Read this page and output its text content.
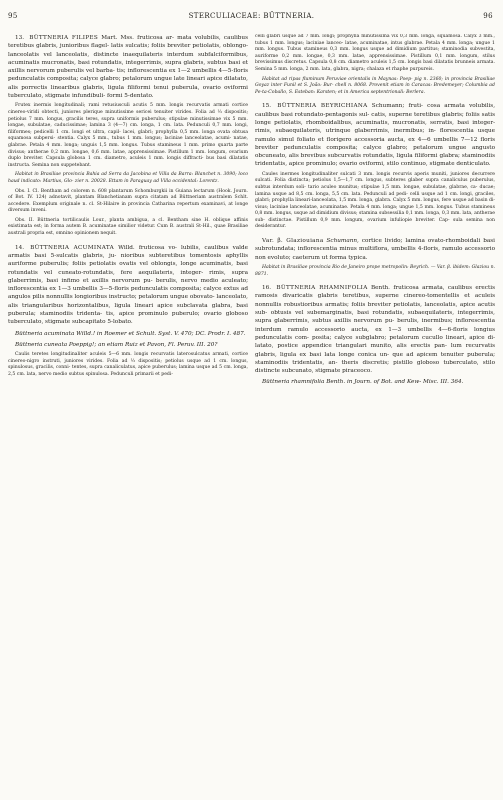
95	STERCULIACEAE: BÜTTNERIA.	96

13. BÜTTNERIA FILIPES Mart. Mss. fruticosa ar- mata volubilis, caulibus teretibus glabris, junioribus flagel- latis sulcatis; foliis breviter petiolatis, oblongo-lanceolatis vel lanceolatis, distincte inaequilateris interdum subfalciformibus, acuminatis mucronatis, basi rotundatis, integerrimis, supra glabris, subtus basi et axillis nervorum puberulis vel barba- tis; inflorescentia ex 1—2 umbellis 4—5-floris pedunculatis composita; calyce glabro; petalorum ungue late lineari apice dilatato, alis porrectis linearibus glabris, ligula filiformi tenui puberula, ovario oviformi tuberculato, stigmate infundibuli- formi 5-dentato.

Frutex inermis longitudinali; rami retusiusculi acutis 5 mm. longis recurvatis armati cortice cinereo-viridi obtecti, juniores plerique minutissime sericei tenuiter virides. Folia ad ⅓ dispositis; petiolus 7 mm. longus, gracilis teres, supra uniformis puberulus; stipulae minutissimae vix 5 mm. longae, subulatae, caducissimae; lamina 3 (4—7) cm. longa, 1 cm. lata. Pedunculi 0,7 mm. longi, filiformes; pedicelli 1 cm. longi et ultra, capil- lacei, glabri; prophylla 0,5 mm. longa ovata obtusa squamosa subpersi- stentia. Calyx 5 mm., tubus 1 mm. longus; laciniae lanceolatae, acumi- natae, glabrae. Petala 4 mm. longa; unguis 1,5 mm. longus. Tubus stamineus 1 mm. primo quarta parte divisus; antherae 0,2 mm. longae, 0,6 mm. latae, apprensissimae. Pistillum 1 mm. longum, ovarium duplo breviter. Capsula globosa 1 cm. diametro, aculeis 1 mm. longis diffracti- bus basi dilatatis instructa. Semina non suppetebant.

Habitat in Brasiliae provincia Bahia ad Serra da Jacobina et Villa da Barra: Blanchet n. 3090; loco haud indicato: Martius, Glo- zier n. 20028. Ettam in Paraguay ad Villa occidental: Lorentz.

Obs. I. Cl. Bentham ad colorem n. 608 plantarum Schomburgkii in Guiana lectarum (Hook. Journ. of Bot. IV. 124) adnotavit, plantam Blanchetianam supra citatam ad Büttneriam australem Schlt. accedere. Exemplum originale n. cl. St-Hilaire in provincia Catharina repertum examinavi, at longe diversum inveni.

Obs. II. Büttneria tortilicaulis Lour., planta ambigua, a cl. Bentham sine H. oblique affinis existimata est; in forma autem B. acuminatae similior videtur. Cum B. australi St-Hil., quae Brasiliae australi propria est, omnino opinionem nequit.

14. BÜTTNERIA ACUMINATA Willd. fruticosa vo- lubilis, caulibus valde armatis basi 5-sulcatis glabris, ju- nioribus subteretibus tomentosis aphyllis auriforme puberulis; foliis petiolatis ovatis vel oblongis, longe acuminatis, basi rotundatis vel cuneato-rotundatis, fere aequilateris, integer- rimis, supra glaberrimis, basi infimo et axillis nervorum pu- berulis, nervo medio aculeato; inflorescentia ex 1—3 umbellis 3—5-floris pedunculatis composita; calyce extus ad angulos pilis nonnullis longioribus instructo; petalorum ungue obovato- lanceolato, alis triangularibus horizontalibus, ligula lineari apice subclavata glabra, basi puberula; staminodiis tridenta- tis, apice prominulo puberulo; ovario globoso tuberculato, stigmate subcapitato 5-lobato.

Büttneria acuminata Willd.! in Roemer et Schult. Syst. V. 470; DC. Prodr. I. 487.

Büttneria cuneata Poeppig!; an etiam Ruiz et Pavon, Fl. Peruv. III. 20?

Caulis teretes longitudinaliter aculeis 5—6 mm. longis recurvatis laterosulcatus armati, cortice cinereo-nigro instruti, juniores virides. Folia ad ⅓ dispositis; petiolus usque ad 1 cm. longus, spinulosus, gracilis, conni- tentes, supra canaliculatus, apice puberulus; lamina usque ad 5 cm. longa, 2,5 cm. lata, nervo medio subtus spinulosa. Pedunculi primarii et pedi-

celli glabri usque ad 7 mm. longi; prophylla minutissima vix 0,3 mm. longa, squamosa. Calyx 3 mm., tubus 1 mm. longus; laciniae lanceo- latae, acuminatae, intus glabrae. Petala 4 mm. longa; ungue 1 mm. longus. Tubus stamineus 0,3 mm. longus usque ad dimidium partitus; staminodia subvestita, auriforme 0,2 mm. longae, 0,3 mm. latae, apprensissimae. Pistillum 0,1 mm. longum, stilus brevissimus discretus. Capsula 0,8 cm. diametro aculeis 1,5 cm. longis basi dilatatis brunneis armata. Semina 5 mm. longa, 2 mm. lata, glabra, nigra; chalaza et rhaphe purpureis.

Habitat ad ripas fluminum Peruviae orientalis in Maynas: Poep- pig n. 2360; in provincia Brasiliae Goyaz inter Funil et S. João: Bur- chell n. 8068. Provenit etiam in Caracas: Bredemeyer; Columbia ad Pe-ta-Coballo, S. Esteban: Karsten; et in America septentrionali: Berlera.

15. BÜTTNERIA BEYRICHIANA Schumann; fruti- cosa armata volubilis, caulibus basi rotundato-pentagonis sul- catis, superne teretibus glabris; foliis satis longe petiolatis, rhomboidalibus, acuminatis, mucronatis, serratis, basi integer- rimis, subaequilateris, utrinque glaberrimis, inermibus; in- florescentia usque ramulo simul foliato et florigero accessoria aucta, ex 4—6 umbellis 7—12 floris breviter pedunculatis composita; calyce glabro; petalorum ungue angusto obcuneato, alis brevibus subcurvatis rotundatis, ligula filiformi glabra; staminodiis tridentatis, apice prominulo; ovario oviformi, stilo continuo, stigmate denticulato.

Caules inermes longitudinaliter sulcati 3 mm. longis recurvis aperis muniti, juniores decurrere sulcati. Folia distincta; petiolus 1,5—1,7 cm. longus, subteres glaber supra canaliculus puberulus, subtus interdum soli- tario aculeo munitus; stipulae 1,5 mm. longae, subulatae, glabrae, ca- ducae; lamina usque ad 8,5 cm. longa, 5,5 cm. lata. Pedunculi ad pedi- celli usque ad 1 cm. longi, graciles, glabri; prophylla lineari-lanceolata, 1,5 mm. longa, glabra. Calyx 5 mm. longus, fere usque ad basin di- visus; laciniae lanceolatae, acuminatae. Petala 4 mm. longa; ungue 1,5 mm. longus. Tubus stamineus 0,8 mm. longus, usque ad dimidium divisus; stamina subsessilia 0,1 mm. longa, 0,3 mm. lata, antherae sub- distinctae. Pistillum 0,9 mm. longum, ovarium infuliopie breviter. Cap- sula semina non desiderantur.

Var. β. Glaziouiana Schumann, cortice livido; lamina ovato-rhomboidali basi subrotundata; inflorescentia minus multiflora, umbellis 4-floris, ramulo accessorio non evoluto; caeterum ut forma typica.

Habitat in Brasiliae provincia Rio de Janeiro prope metropolin: Beyrich. — Var. β. ibidem: Glaziou n. 8871.

16. BÜTTNERIA RHAMNIFOLIA Benth. fruticosa armata, caulibus erectis ramosis divaricatis glabris teretibus, superne cinereo-tomentellis et aculeis nonnullis robustioribus armatis; foliis breviter petiolatis, lanceolatis, apice acutis sub- obtusis vel subemarginatis, basi rotundatis, subaequilateris, integerrimis, supra glaberrimis, subtus axillis nervorum pu- berulis, inermibus; inflorescentia interdum ramulo accessorio aucta, ex 1—3 umbellis 4—6-floris longius pedunculatis com- posita; calyce subglabro; petalorum cucullo lineari, apice di- latato, postice appendice triangulari munito, alis erectis pan- lum recurvatis glabris, ligula ex basi lata longe conica un- que ad apicem tenuiter puberula; staminodiis tridentatis, an- theris discretis; pistillo globoso tuberculato, stilo distincte subcunato, stigmate piraceoco.

Büttneria rhamnifolia Benth. in Journ. of Bot. and Kew- Misc. III. 364.
